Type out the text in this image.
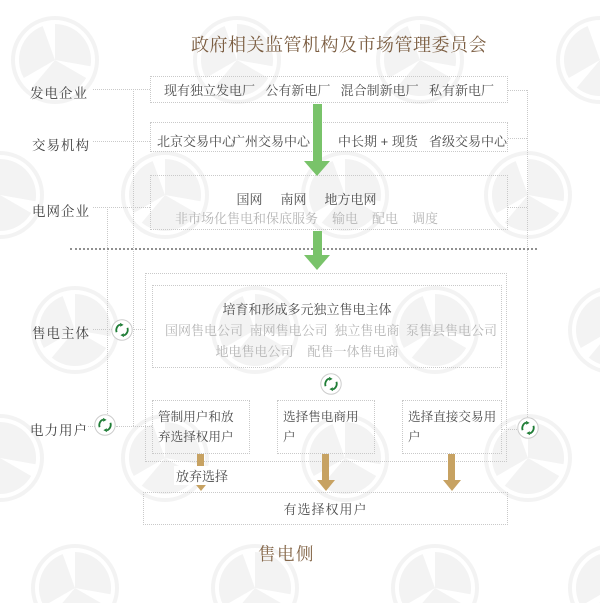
政府相关监管机构及市场管理委员会
发电企业
交易机构
电网企业
售电主体
电力用户
现有独立发电厂 公有新电厂 混合制新电厂 私有新电厂
北京交易中心
广州交易中心 中长期 + 现货 省级交易中心
国网 南网 地方电网
非市场化售电和保底服务 输电 配电 调度
培育和形成多元独立售电主体
国网售电公司 南网售电公司 独立售电商 泵售县售电公司
地电售电公司 配售一体售电商
管制用户和放弃选择权用户
选择售电商用户
选择直接交易用户
有选择权用户
放弃选择
售电侧
